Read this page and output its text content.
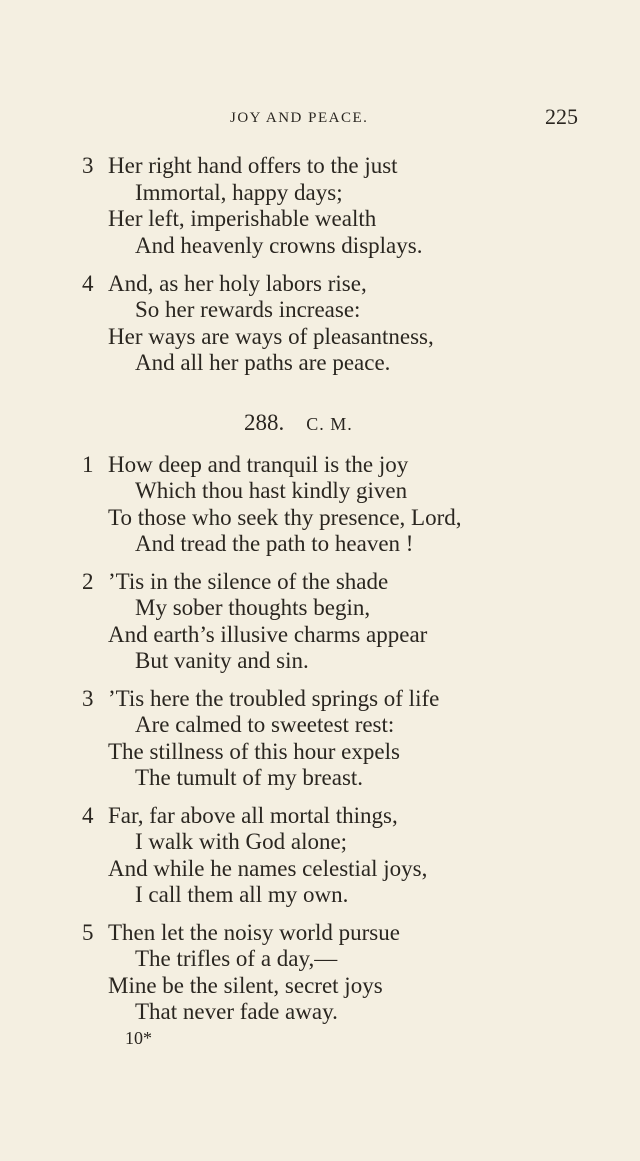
JOY AND PEACE.	225
3 Her right hand offers to the just
Immortal, happy days;
Her left, imperishable wealth
And heavenly crowns displays.
4 And, as her holy labors rise,
So her rewards increase:
Her ways are ways of pleasantness,
And all her paths are peace.
288. C. M.
1 How deep and tranquil is the joy
Which thou hast kindly given
To those who seek thy presence, Lord,
And tread the path to heaven !
2 ’Tis in the silence of the shade
My sober thoughts begin,
And earth’s illusive charms appear
But vanity and sin.
3 ’Tis here the troubled springs of life
Are calmed to sweetest rest:
The stillness of this hour expels
The tumult of my breast.
4 Far, far above all mortal things,
I walk with God alone;
And while he names celestial joys,
I call them all my own.
5 Then let the noisy world pursue
The trifles of a day,—
Mine be the silent, secret joys
That never fade away.
10*
